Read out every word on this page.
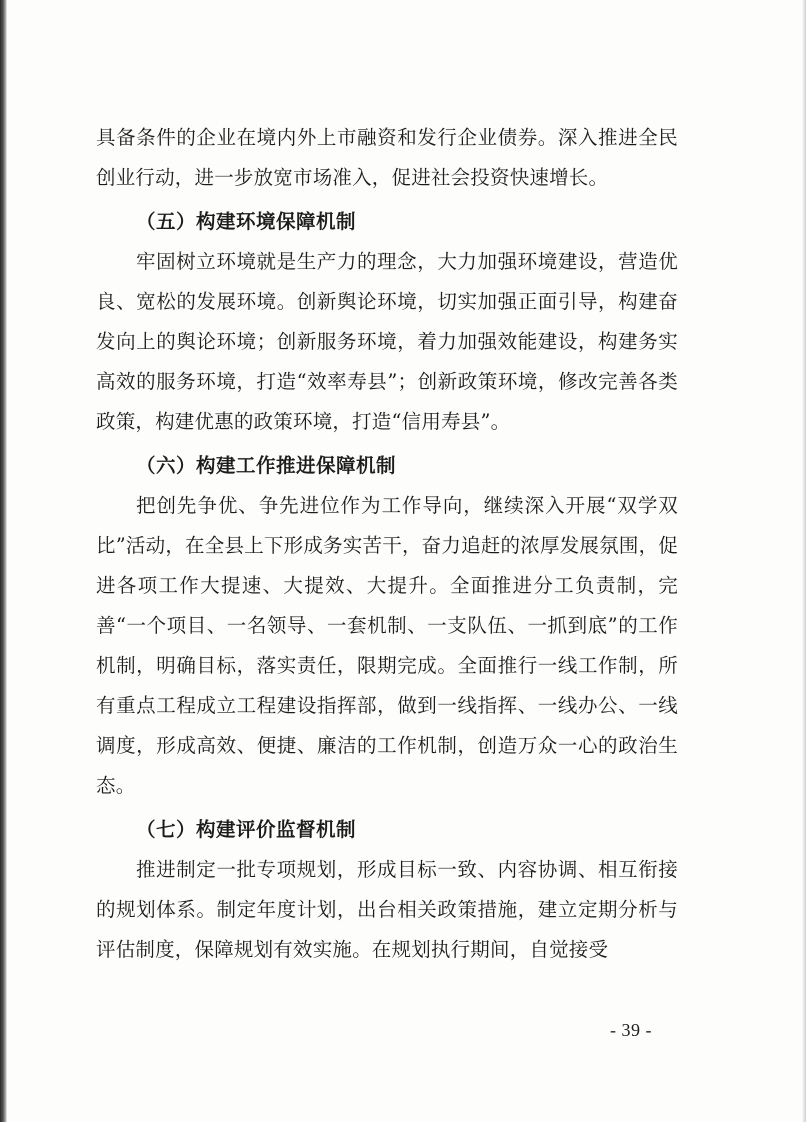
具备条件的企业在境内外上市融资和发行企业债券。深入推进全民创业行动，进一步放宽市场准入，促进社会投资快速增长。

（五）构建环境保障机制

牢固树立环境就是生产力的理念，大力加强环境建设，营造优良、宽松的发展环境。创新舆论环境，切实加强正面引导，构建奋发向上的舆论环境；创新服务环境，着力加强效能建设，构建务实高效的服务环境，打造“效率寿县”；创新政策环境，修改完善各类政策，构建优惠的政策环境，打造“信用寿县”。

（六）构建工作推进保障机制

把创先争优、争先进位作为工作导向，继续深入开展“双学双比”活动，在全县上下形成务实苦干，奋力追赶的浓厚发展氛围，促进各项工作大提速、大提效、大提升。全面推进分工负责制，完善“一个项目、一名领导、一套机制、一支队伍、一抓到底”的工作机制，明确目标，落实责任，限期完成。全面推行一线工作制，所有重点工程成立工程建设指挥部，做到一线指挥、一线办公、一线调度，形成高效、便捷、廉洁的工作机制，创造万众一心的政治生态。

（七）构建评价监督机制

推进制定一批专项规划，形成目标一致、内容协调、相互衔接的规划体系。制定年度计划，出台相关政策措施，建立定期分析与评估制度，保障规划有效实施。在规划执行期间，自觉接受

- 39 -
